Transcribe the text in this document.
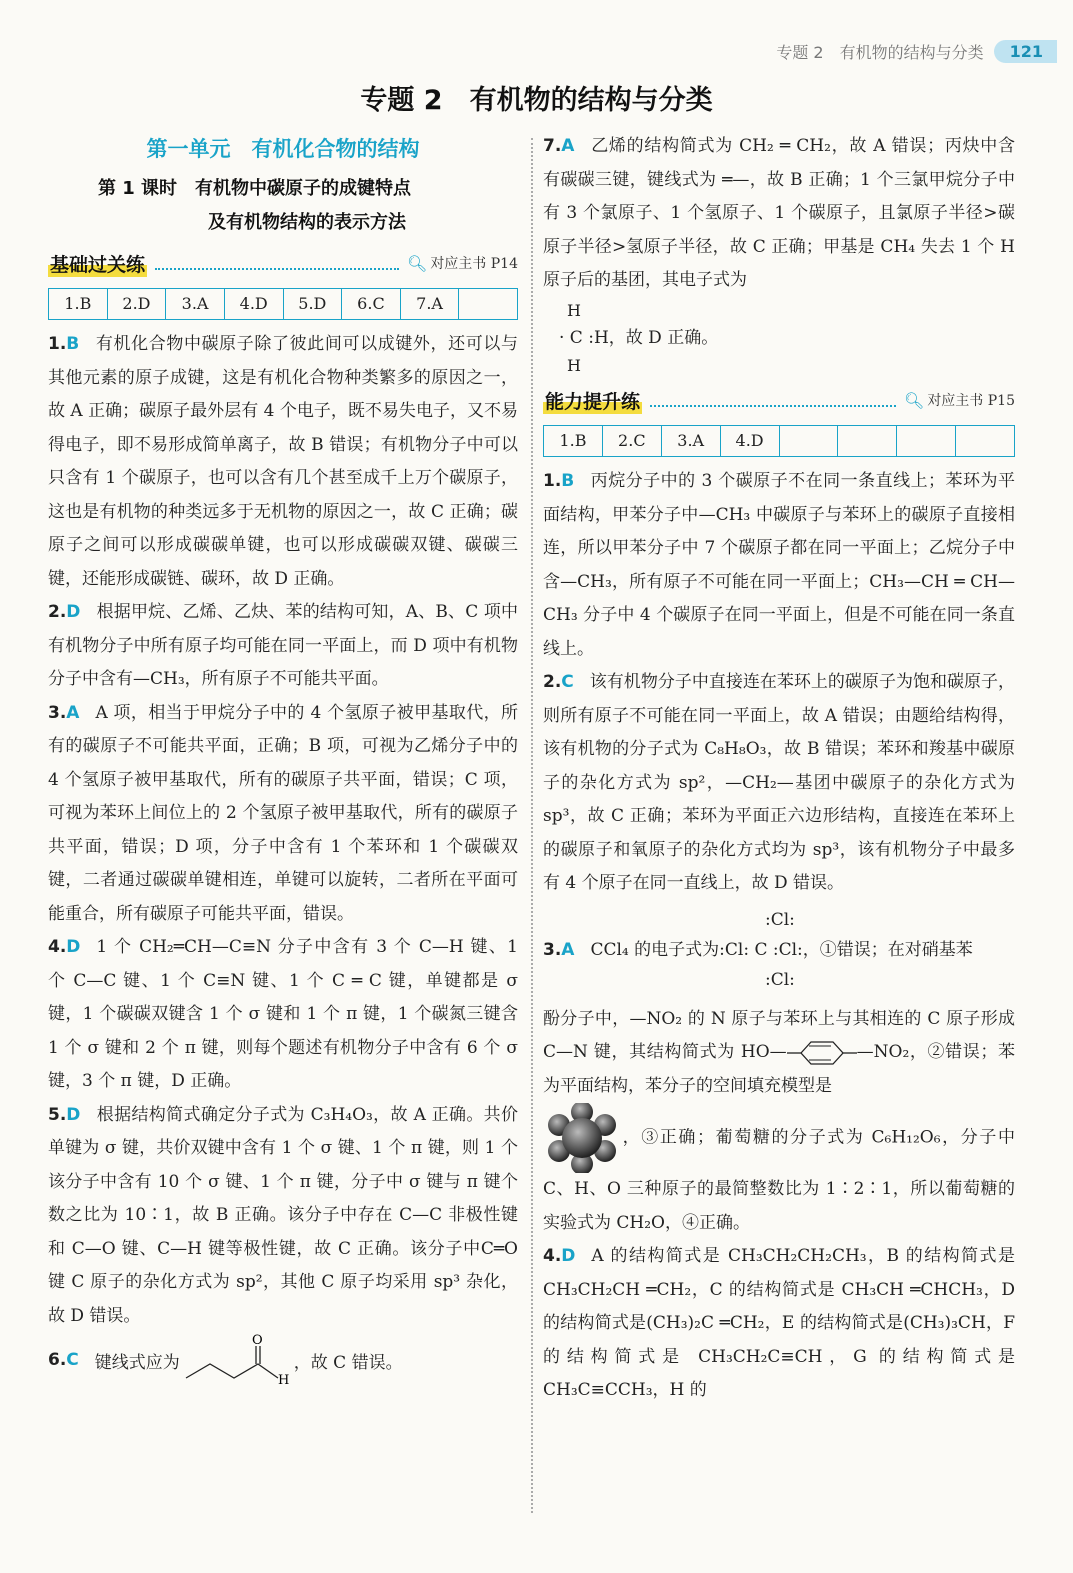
专题 2　有机物的结构与分类	121
专题 2　有机物的结构与分类
第一单元　有机化合物的结构
第 1 课时　有机物中碳原子的成键特点
及有机物结构的表示方法
基础过关练	🔍︎ 对应主书 P14
1.B	2.D	3.A	4.D	5.D	6.C	7.A

1.B 有机化合物中碳原子除了彼此间可以成键外，还可以与其他元素的原子成键，这是有机化合物种类繁多的原因之一，故 A 正确；碳原子最外层有 4 个电子，既不易失电子，又不易得电子，即不易形成简单离子，故 B 错误；有机物分子中可以只含有 1 个碳原子，也可以含有几个甚至成千上万个碳原子，这也是有机物的种类远多于无机物的原因之一，故 C 正确；碳原子之间可以形成碳碳单键，也可以形成碳碳双键、碳碳三键，还能形成碳链、碳环，故 D 正确。

2.D 根据甲烷、乙烯、乙炔、苯的结构可知，A、B、C 项中有机物分子中所有原子均可能在同一平面上，而 D 项中有机物分子中含有—CH₃，所有原子不可能共平面。

3.A A 项，相当于甲烷分子中的 4 个氢原子被甲基取代，所有的碳原子不可能共平面，正确；B 项，可视为乙烯分子中的 4 个氢原子被甲基取代，所有的碳原子共平面，错误；C 项，可视为苯环上间位上的 2 个氢原子被甲基取代，所有的碳原子共平面，错误；D 项，分子中含有 1 个苯环和 1 个碳碳双键，二者通过碳碳单键相连，单键可以旋转，二者所在平面可能重合，所有碳原子可能共平面，错误。

4.D 1 个 CH₂═CH—C≡N 分子中含有 3 个 C—H 键、1 个 C—C 键、1 个 C≡N 键、1 个 C ═ C 键，单键都是 σ 键，1 个碳碳双键含 1 个 σ 键和 1 个 π 键，1 个碳氮三键含 1 个 σ 键和 2 个 π 键，则每个题述有机物分子中含有 6 个 σ 键，3 个 π 键，D 正确。

5.D 根据结构简式确定分子式为 C₃H₄O₃，故 A 正确。共价单键为 σ 键，共价双键中含有 1 个 σ 键、1 个 π 键，则 1 个该分子中含有 10 个 σ 键、1 个 π 键，分子中 σ 键与 π 键个数之比为 10∶1，故 B 正确。该分子中存在 C—C 非极性键和 C—O 键、C—H 键等极性键，故 C 正确。该分子中C═O键 C 原子的杂化方式为 sp²，其他 C 原子均采用 sp³ 杂化，故 D 错误。

6. C 键线式应为
O
H
，故 C 错误。

7.A 乙烯的结构简式为 CH₂ ═ CH₂，故 A 错误；丙炔中含有碳碳三键，键线式为 ═—，故 B 正确；1 个三氯甲烷分子中有 3 个氯原子、1 个氢原子、1 个碳原子，且氯原子半径>碳原子半径>氢原子半径，故 C 正确；甲基是 CH₄ 失去 1 个 H 原子后的基团，其电子式为

H
· C :H，故 D 正确。
H
能力提升练	🔍︎ 对应主书 P15
1.B	2.C	3.A	4.D

1.B 丙烷分子中的 3 个碳原子不在同一条直线上；苯环为平面结构，甲苯分子中—CH₃ 中碳原子与苯环上的碳原子直接相连，所以甲苯分子中 7 个碳原子都在同一平面上；乙烷分子中含—CH₃，所有原子不可能在同一平面上；CH₃—CH ═ CH—CH₃ 分子中 4 个碳原子在同一平面上，但是不可能在同一条直线上。

2.C 该有机物分子中直接连在苯环上的碳原子为饱和碳原子，则所有原子不可能在同一平面上，故 A 错误；由题给结构得，该有机物的分子式为 C₈H₈O₃，故 B 错误；苯环和羧基中碳原子的杂化方式为 sp²，—CH₂—基团中碳原子的杂化方式为 sp³，故 C 正确；苯环为平面正六边形结构，直接连在苯环上的碳原子和氧原子的杂化方式均为 sp³，该有机物分子中最多有 4 个原子在同一直线上，故 D 错误。

:Cl:
3.A CCl₄ 的电子式为:Cl: C :Cl:，①错误；在对硝基苯
:Cl:

酚分子中，—NO₂ 的 N 原子与苯环上与其相连的 C 原子形成 C—N 键，其结构简式为 HO—	—NO₂，②错误；苯为平面结构，苯分子的空间填充模型是

，③正确；葡萄糖的分子式为 C₆H₁₂O₆，分子中 C、H、O 三种原子的最简整数比为 1∶2∶1，所以葡萄糖的实验式为 CH₂O，④正确。

4.D A 的结构简式是 CH₃CH₂CH₂CH₃，B 的结构简式是 CH₃CH₂CH ═CH₂，C 的结构简式是 CH₃CH ═CHCH₃，D 的结构简式是(CH₃)₂C ═CH₂，E 的结构简式是(CH₃)₃CH，F 的结构简式是 CH₃CH₂C≡CH，G 的结构简式是 CH₃C≡CCH₃，H 的
